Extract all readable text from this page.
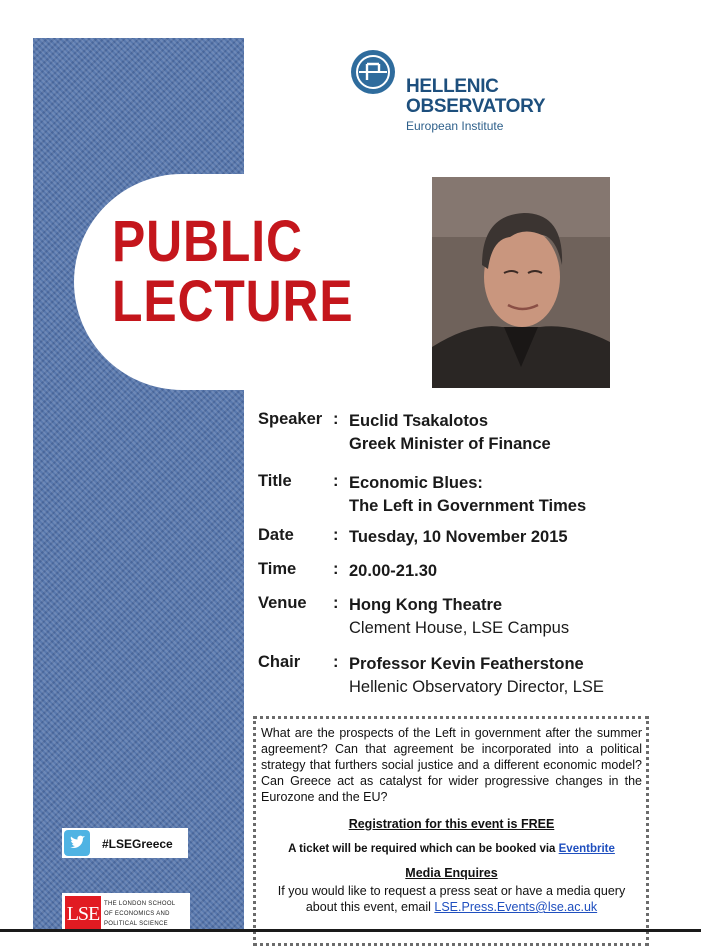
PUBLIC
LECTURE
HELLENIC
OBSERVATORY
European Institute
Speaker : Euclid Tsakalotos
Greek Minister of Finance
Title	: Economic Blues:
The Left in Government Times
Date : Tuesday, 10 November 2015
Time : 20.00-21.30
Venue : Hong Kong Theatre
Clement House, LSE Campus
Chair : Professor Kevin Featherstone
Hellenic Observatory Director, LSE

What are the prospects of the Left in government after the summer agreement? Can that agreement be incorporated into a political strategy that furthers social justice and a different economic model? Can Greece act as catalyst for wider progressive changes in the Eurozone and the EU?

Registration for this event is FREE

A ticket will be required which can be booked via Eventbrite

Media Enquires

If you would like to request a press seat or have a media query about this event, email LSE.Press.Events@lse.ac.uk

#LSEGreece
LSE THE LONDON SCHOOL
OF ECONOMICS AND
POLITICAL SCIENCE
